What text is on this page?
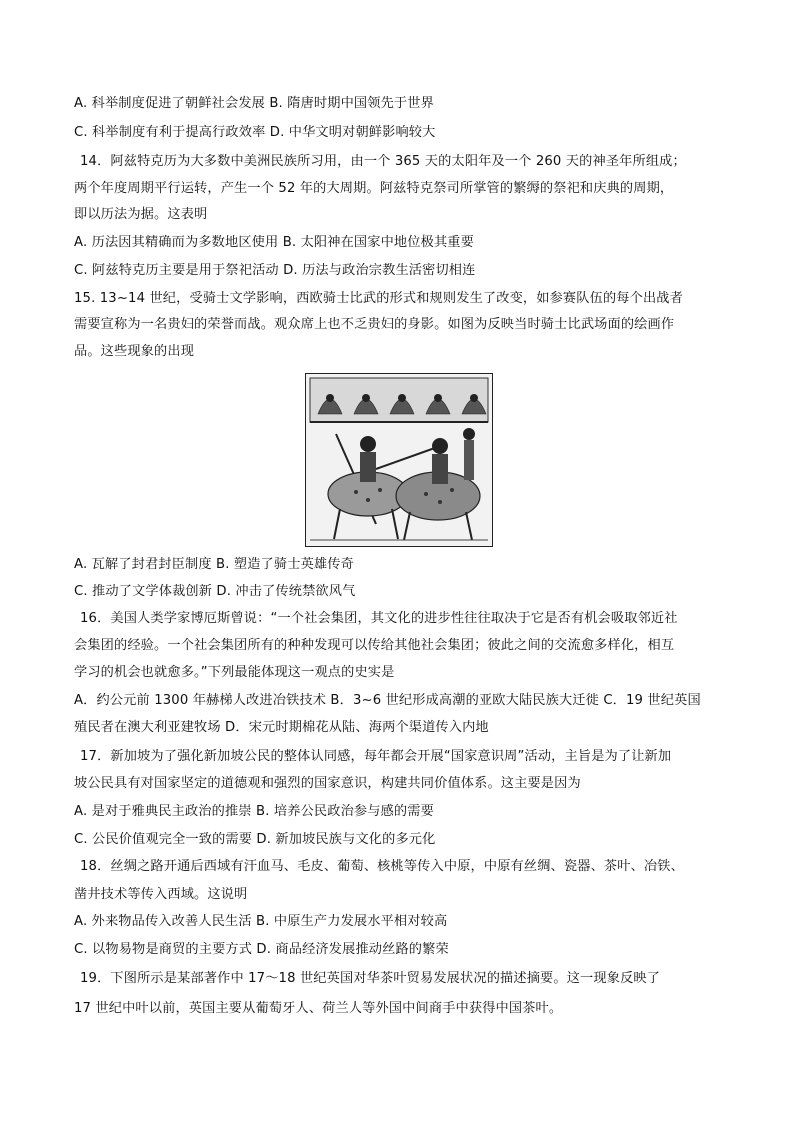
A. 科举制度促进了朝鲜社会发展 B. 隋唐时期中国领先于世界
C. 科举制度有利于提高行政效率 D. 中华文明对朝鲜影响较大
14．阿兹特克历为大多数中美洲民族所习用，由一个 365 天的太阳年及一个 260 天的神圣年所组成；
两个年度周期平行运转，产生一个 52 年的大周期。阿兹特克祭司所掌管的繁缛的祭祀和庆典的周期，
即以历法为据。这表明
A. 历法因其精确而为多数地区使用 B. 太阳神在国家中地位极其重要
C. 阿兹特克历主要是用于祭祀活动 D. 历法与政治宗教生活密切相连
15. 13~14 世纪，受骑士文学影响，西欧骑士比武的形式和规则发生了改变，如参赛队伍的每个出战者
需要宣称为一名贵妇的荣誉而战。观众席上也不乏贵妇的身影。如图为反映当时骑士比武场面的绘画作
品。这些现象的出现
A. 瓦解了封君封臣制度 B. 塑造了骑士英雄传奇
C. 推动了文学体裁创新 D. 冲击了传统禁欲风气
16．美国人类学家博厄斯曾说：“一个社会集团，其文化的进步性往往取决于它是否有机会吸取邻近社
会集团的经验。一个社会集团所有的种种发现可以传给其他社会集团；彼此之间的交流愈多样化，相互
学习的机会也就愈多。”下列最能体现这一观点的史实是
A．约公元前 1300 年赫梯人改进冶铁技术 B．3~6 世纪形成高潮的亚欧大陆民族大迁徙 C．19 世纪英国
殖民者在澳大利亚建牧场 D．宋元时期棉花从陆、海两个渠道传入内地
17．新加坡为了强化新加坡公民的整体认同感，每年都会开展“国家意识周”活动，主旨是为了让新加
坡公民具有对国家坚定的道德观和强烈的国家意识，构建共同价值体系。这主要是因为
A. 是对于雅典民主政治的推崇 B. 培养公民政治参与感的需要
C. 公民价值观完全一致的需要 D. 新加坡民族与文化的多元化
18．丝绸之路开通后西域有汗血马、毛皮、葡萄、核桃等传入中原，中原有丝绸、瓷器、茶叶、冶铁、
凿井技术等传入西域。这说明
A. 外来物品传入改善人民生活 B. 中原生产力发展水平相对较高
C. 以物易物是商贸的主要方式 D. 商品经济发展推动丝路的繁荣
19．下图所示是某部著作中 17～18 世纪英国对华茶叶贸易发展状况的描述摘要。这一现象反映了
17 世纪中叶以前，英国主要从葡萄牙人、荷兰人等外国中间商手中获得中国茶叶。
